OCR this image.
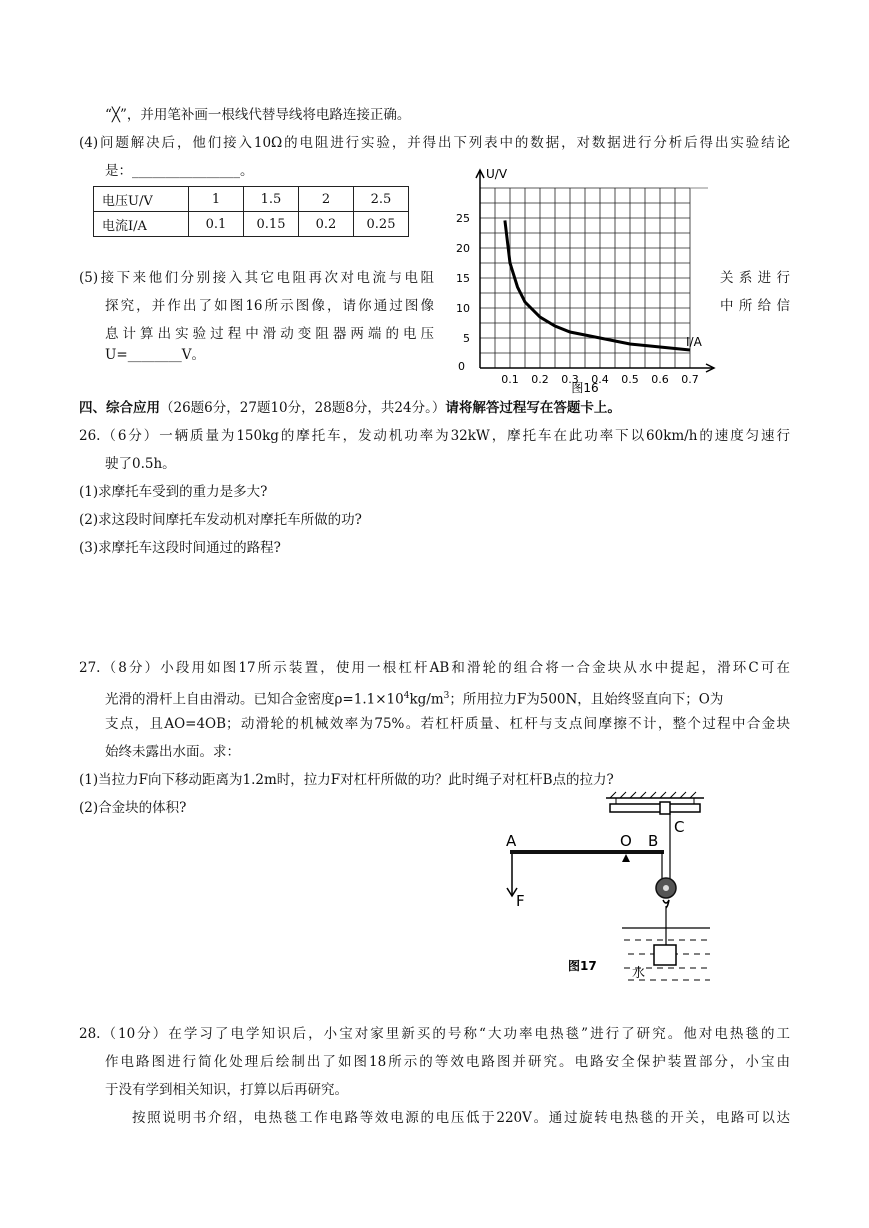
“╳”，并用笔补画一根线代替导线将电路连接正确。
(4)问题解决后，他们接入10Ω的电阻进行实验，并得出下列表中的数据，对数据进行分析后得出实验结论
是：________________。
电压U/V	1	1.5	2	2.5
电流I/A	0.1	0.15	0.2	0.25
(5)接下来他们分别接入其它电阻再次对电流与电阻	关系进行
探究，并作出了如图16所示图像，请你通过图像	中所给信
息计算出实验过程中滑动变阻器两端的电压
U=________V。
0.1 0.2 0.3 0.4 0.5 0.6 0.7
5
10
15
20
25
U/V
I/A
0
图16
四、综合应用（26题6分，27题10分，28题8分，共24分。）请将解答过程写在答题卡上。
26.（6分）一辆质量为150kg的摩托车，发动机功率为32kW，摩托车在此功率下以60km/h的速度匀速行
驶了0.5h。
(1)求摩托车受到的重力是多大?
(2)求这段时间摩托车发动机对摩托车所做的功?
(3)求摩托车这段时间通过的路程?
27.（8分）小段用如图17所示装置，使用一根杠杆AB和滑轮的组合将一合金块从水中提起，滑环C可在
光滑的滑杆上自由滑动。已知合金密度$\rho=1.1\times 10^4kg/m^3$；所用拉力F为500N，且始终竖直向下；O为
支点，且AO=4OB；动滑轮的机械效率为75%。若杠杆质量、杠杆与支点间摩擦不计，整个过程中合金块
始终未露出水面。求：
(1)当拉力F向下移动距离为1.2m时，拉力F对杠杆所做的功？此时绳子对杠杆B点的拉力?
(2)合金块的体积?
C
A	O B
F
水
图17
28.（10分）在学习了电学知识后，小宝对家里新买的号称“大功率电热毯”进行了研究。他对电热毯的工
作电路图进行简化处理后绘制出了如图18所示的等效电路图并研究。电路安全保护装置部分，小宝由
于没有学到相关知识，打算以后再研究。
按照说明书介绍，电热毯工作电路等效电源的电压低于220V。通过旋转电热毯的开关，电路可以达
